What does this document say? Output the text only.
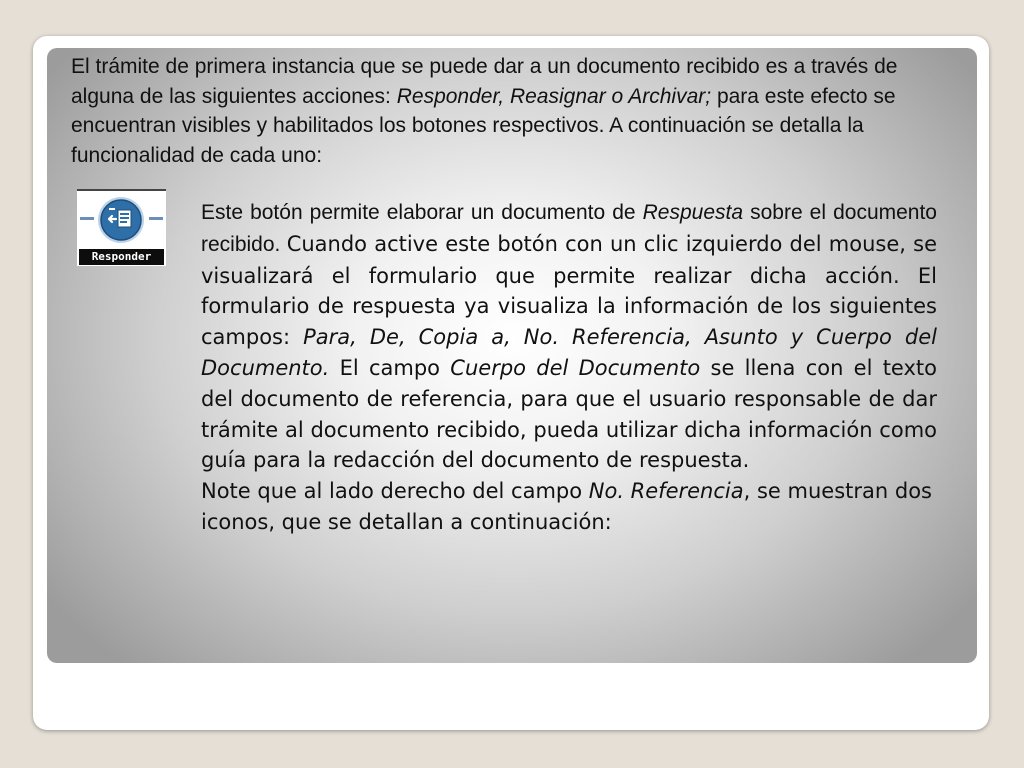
El trámite de primera instancia que se puede dar a un documento recibido es a través de alguna de las siguientes acciones: Responder, Reasignar o Archivar; para este efecto se encuentran visibles y habilitados los botones respectivos. A continuación se detalla la funcionalidad de cada uno:

Responder

Este botón permite elaborar un documento de Respuesta sobre el documento recibido. Cuando active este botón con un clic izquierdo del mouse, se visualizará el formulario que permite realizar dicha acción. El formulario de respuesta ya visualiza la información de los siguientes campos: Para, De, Copia a, No. Referencia, Asunto y Cuerpo del Documento. El campo Cuerpo del Documento se llena con el texto del documento de referencia, para que el usuario responsable de dar trámite al documento recibido, pueda utilizar dicha información como guía para la redacción del documento de respuesta.

Note que al lado derecho del campo No. Referencia, se muestran dos iconos, que se detallan a continuación:
